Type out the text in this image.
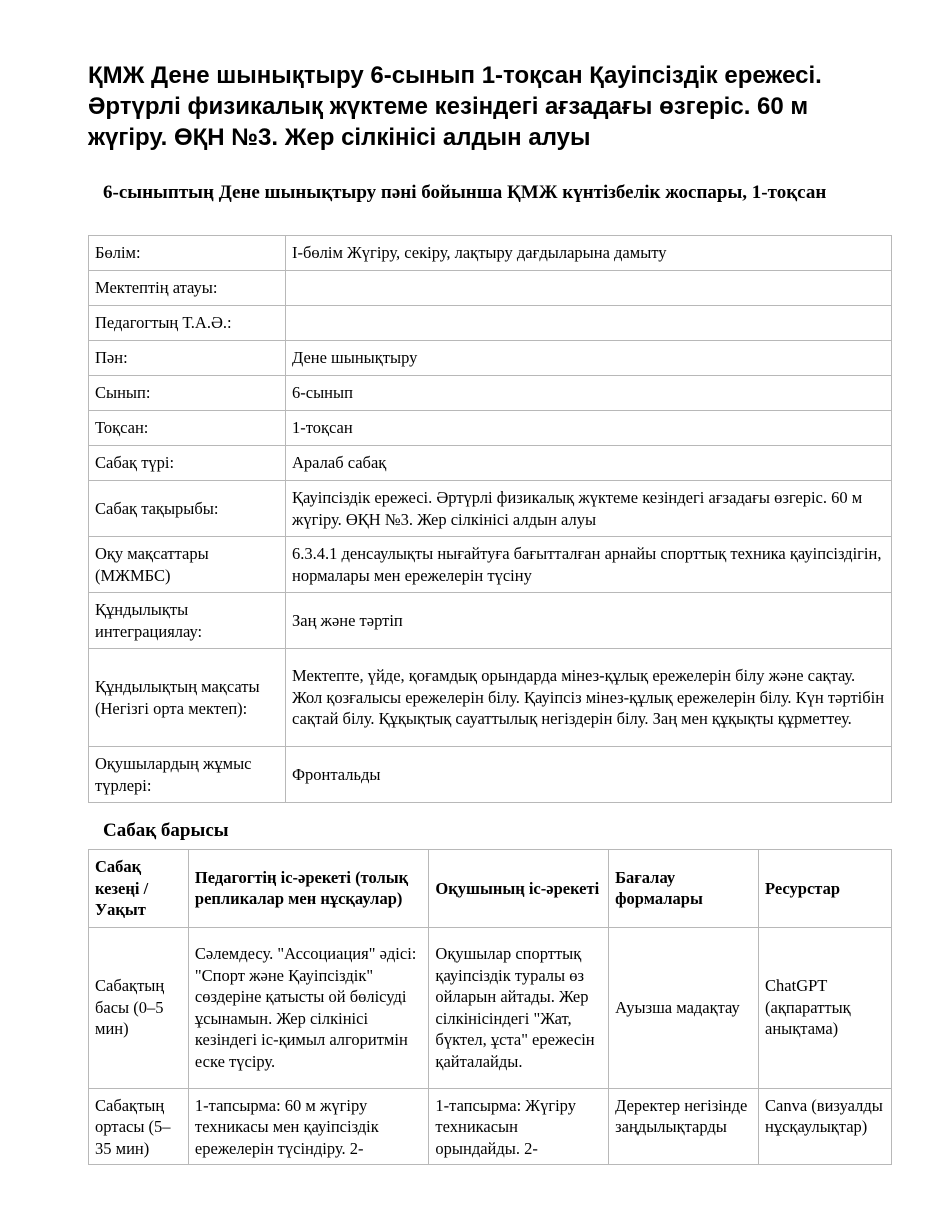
ҚМЖ Дене шынықтыру 6-сынып 1-тоқсан Қауіпсіздік ережесі. Әртүрлі физикалық жүктеме кезіндегі ағзадағы өзгеріс. 60 м жүгіру. ӨҚН №3. Жер сілкінісі алдын алуы
6-сыныптың Дене шынықтыру пәні бойынша ҚМЖ күнтізбелік жоспары, 1-тоқсан
Бөлім:	І-бөлім Жүгіру, секіру, лақтыру дағдыларына дамыту
Мектептің атауы:	
Педагогтың Т.А.Ә.:	
Пән:	Дене шынықтыру
Сынып:	6-сынып
Тоқсан:	1-тоқсан
Сабақ түрі:	Аралаб сабақ
Сабақ тақырыбы:	Қауіпсіздік ережесі. Әртүрлі физикалық жүктеме кезіндегі ағзадағы өзгеріс. 60 м жүгіру. ӨҚН №3. Жер сілкінісі алдын алуы
Оқу мақсаттары (МЖМБС)	6.3.4.1 денсаулықты нығайтуға бағытталған арнайы спорттық техника қауіпсіздігін, нормалары мен ережелерін түсіну
Құндылықты интеграциялау:	Заң және тәртіп
Құндылықтың мақсаты (Негізгі орта мектеп):	Мектепте, үйде, қоғамдық орындарда мінез-құлық ережелерін білу және сақтау. Жол қозғалысы ережелерін білу. Қауіпсіз мінез-құлық ережелерін білу. Күн тәртібін сақтай білу. Құқықтық сауаттылық негіздерін білу. Заң мен құқықты құрметтеу.
Оқушылардың жұмыс түрлері:	Фронтальды
Сабақ барысы
Сабақ кезеңі / Уақыт	Педагогтің іс-әрекеті (толық репликалар мен нұсқаулар)	Оқушының іс-әрекеті	Бағалау формалары	Ресурстар
Сабақтың басы (0–5 мин)	Сәлемдесу. "Ассоциация" әдісі: "Спорт және Қауіпсіздік" сөздеріне қатысты ой бөлісуді ұсынамын. Жер сілкінісі кезіндегі іс-қимыл алгоритмін еске түсіру.	Оқушылар спорттық қауіпсіздік туралы өз ойларын айтады. Жер сілкінісіндегі "Жат, бүктел, ұста" ережесін қайталайды.	Ауызша мадақтау	ChatGPT (ақпараттық анықтама)
Сабақтың ортасы (5–35 мин)	1-тапсырма: 60 м жүгіру техникасы мен қауіпсіздік ережелерін түсіндіру. 2-	1-тапсырма: Жүгіру техникасын орындайды. 2-	Деректер негізінде заңдылықтарды	Canva (визуалды нұсқаулықтар)
